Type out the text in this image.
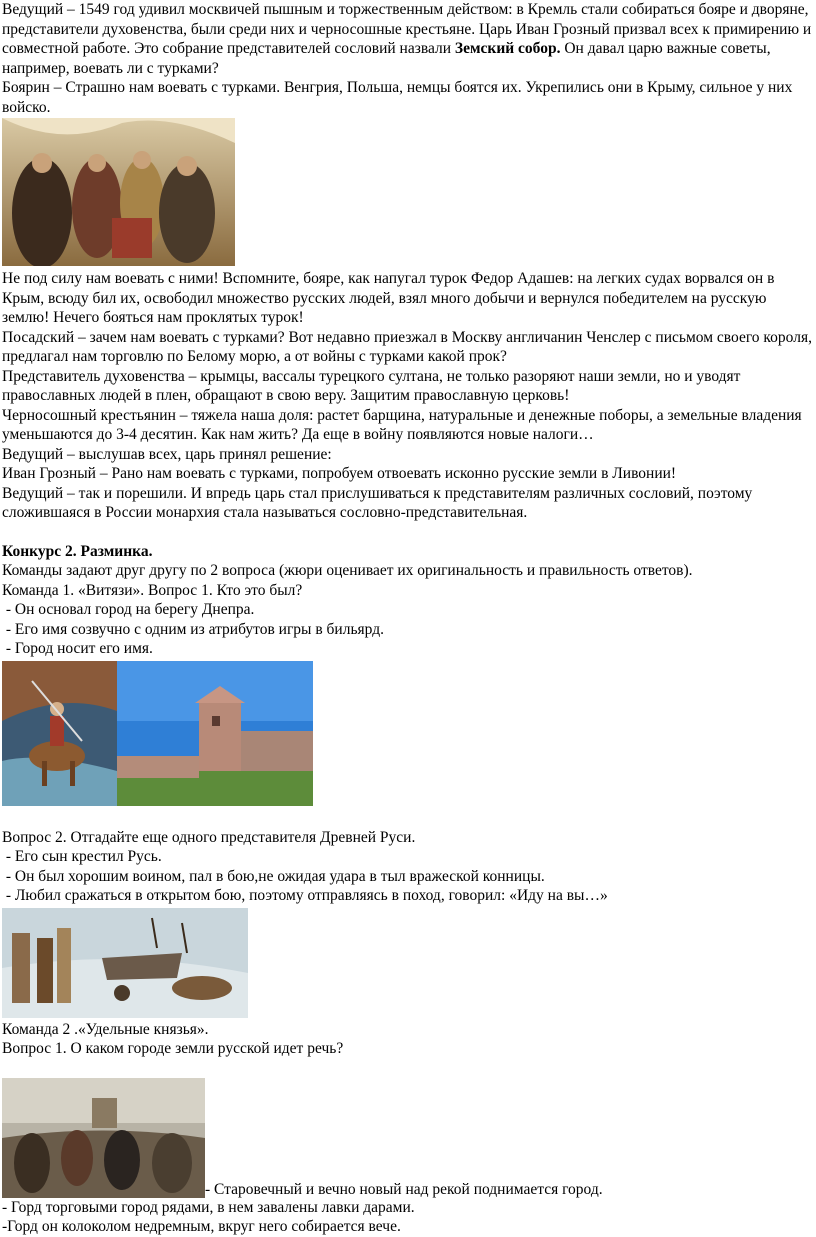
Ведущий – 1549 год удивил москвичей пышным и торжественным действом: в Кремль стали собираться бояре и дворяне, представители духовенства, были среди них и черносошные крестьяне. Царь Иван Грозный призвал всех к примирению и совместной работе. Это собрание представителей сословий назвали Земский собор. Он давал царю важные советы, например, воевать ли с турками?

Боярин – Страшно нам воевать с турками. Венгрия, Польша, немцы боятся их. Укрепились они в Крыму, сильное у них войско.

Не под силу нам воевать с ними! Вспомните, бояре, как напугал турок Федор Адашев: на легких судах ворвался он в Крым, всюду бил их, освободил множество русских людей, взял много добычи и вернулся победителем на русскую землю! Нечего бояться нам проклятых турок!

Посадский – зачем нам воевать с турками? Вот недавно приезжал в Москву англичанин Ченслер с письмом своего короля, предлагал нам торговлю по Белому морю, а от войны с турками какой прок?

Представитель духовенства – крымцы, вассалы турецкого султана, не только разоряют наши земли, но и уводят православных людей в плен, обращают в свою веру. Защитим православную церковь!

Черносошный крестьянин – тяжела наша доля: растет барщина, натуральные и денежные поборы, а земельные владения уменьшаются до 3-4 десятин. Как нам жить? Да еще в войну появляются новые налоги…

Ведущий – выслушав всех, царь принял решение:

Иван Грозный – Рано нам воевать с турками, попробуем отвоевать исконно русские земли в Ливонии!

Ведущий – так и порешили. И впредь царь стал прислушиваться к представителям различных сословий, поэтому сложившаяся в России монархия стала называться сословно-представительная.

Конкурс 2. Разминка.

Команды задают друг другу по 2 вопроса (жюри оценивает их оригинальность и правильность ответов).

Команда 1. «Витязи». Вопрос 1. Кто это был?

- Он основал город на берегу Днепра.

- Его имя созвучно с одним из атрибутов игры в бильярд.

- Город носит его имя.

Вопрос 2. Отгадайте еще одного представителя Древней Руси.

- Его сын крестил Русь.

- Он был хорошим воином, пал в бою,не ожидая удара в тыл вражеской конницы.

- Любил сражаться в открытом бою, поэтому отправляясь в поход, говорил: «Иду на вы…»

Команда 2 .«Удельные князья».

Вопрос 1. О каком городе земли русской идет речь?

- Старовечный и вечно новый над рекой поднимается город.

- Горд торговыми город рядами, в нем завалены лавки дарами.

-Горд он колоколом недремным, вкруг него собирается вече.
